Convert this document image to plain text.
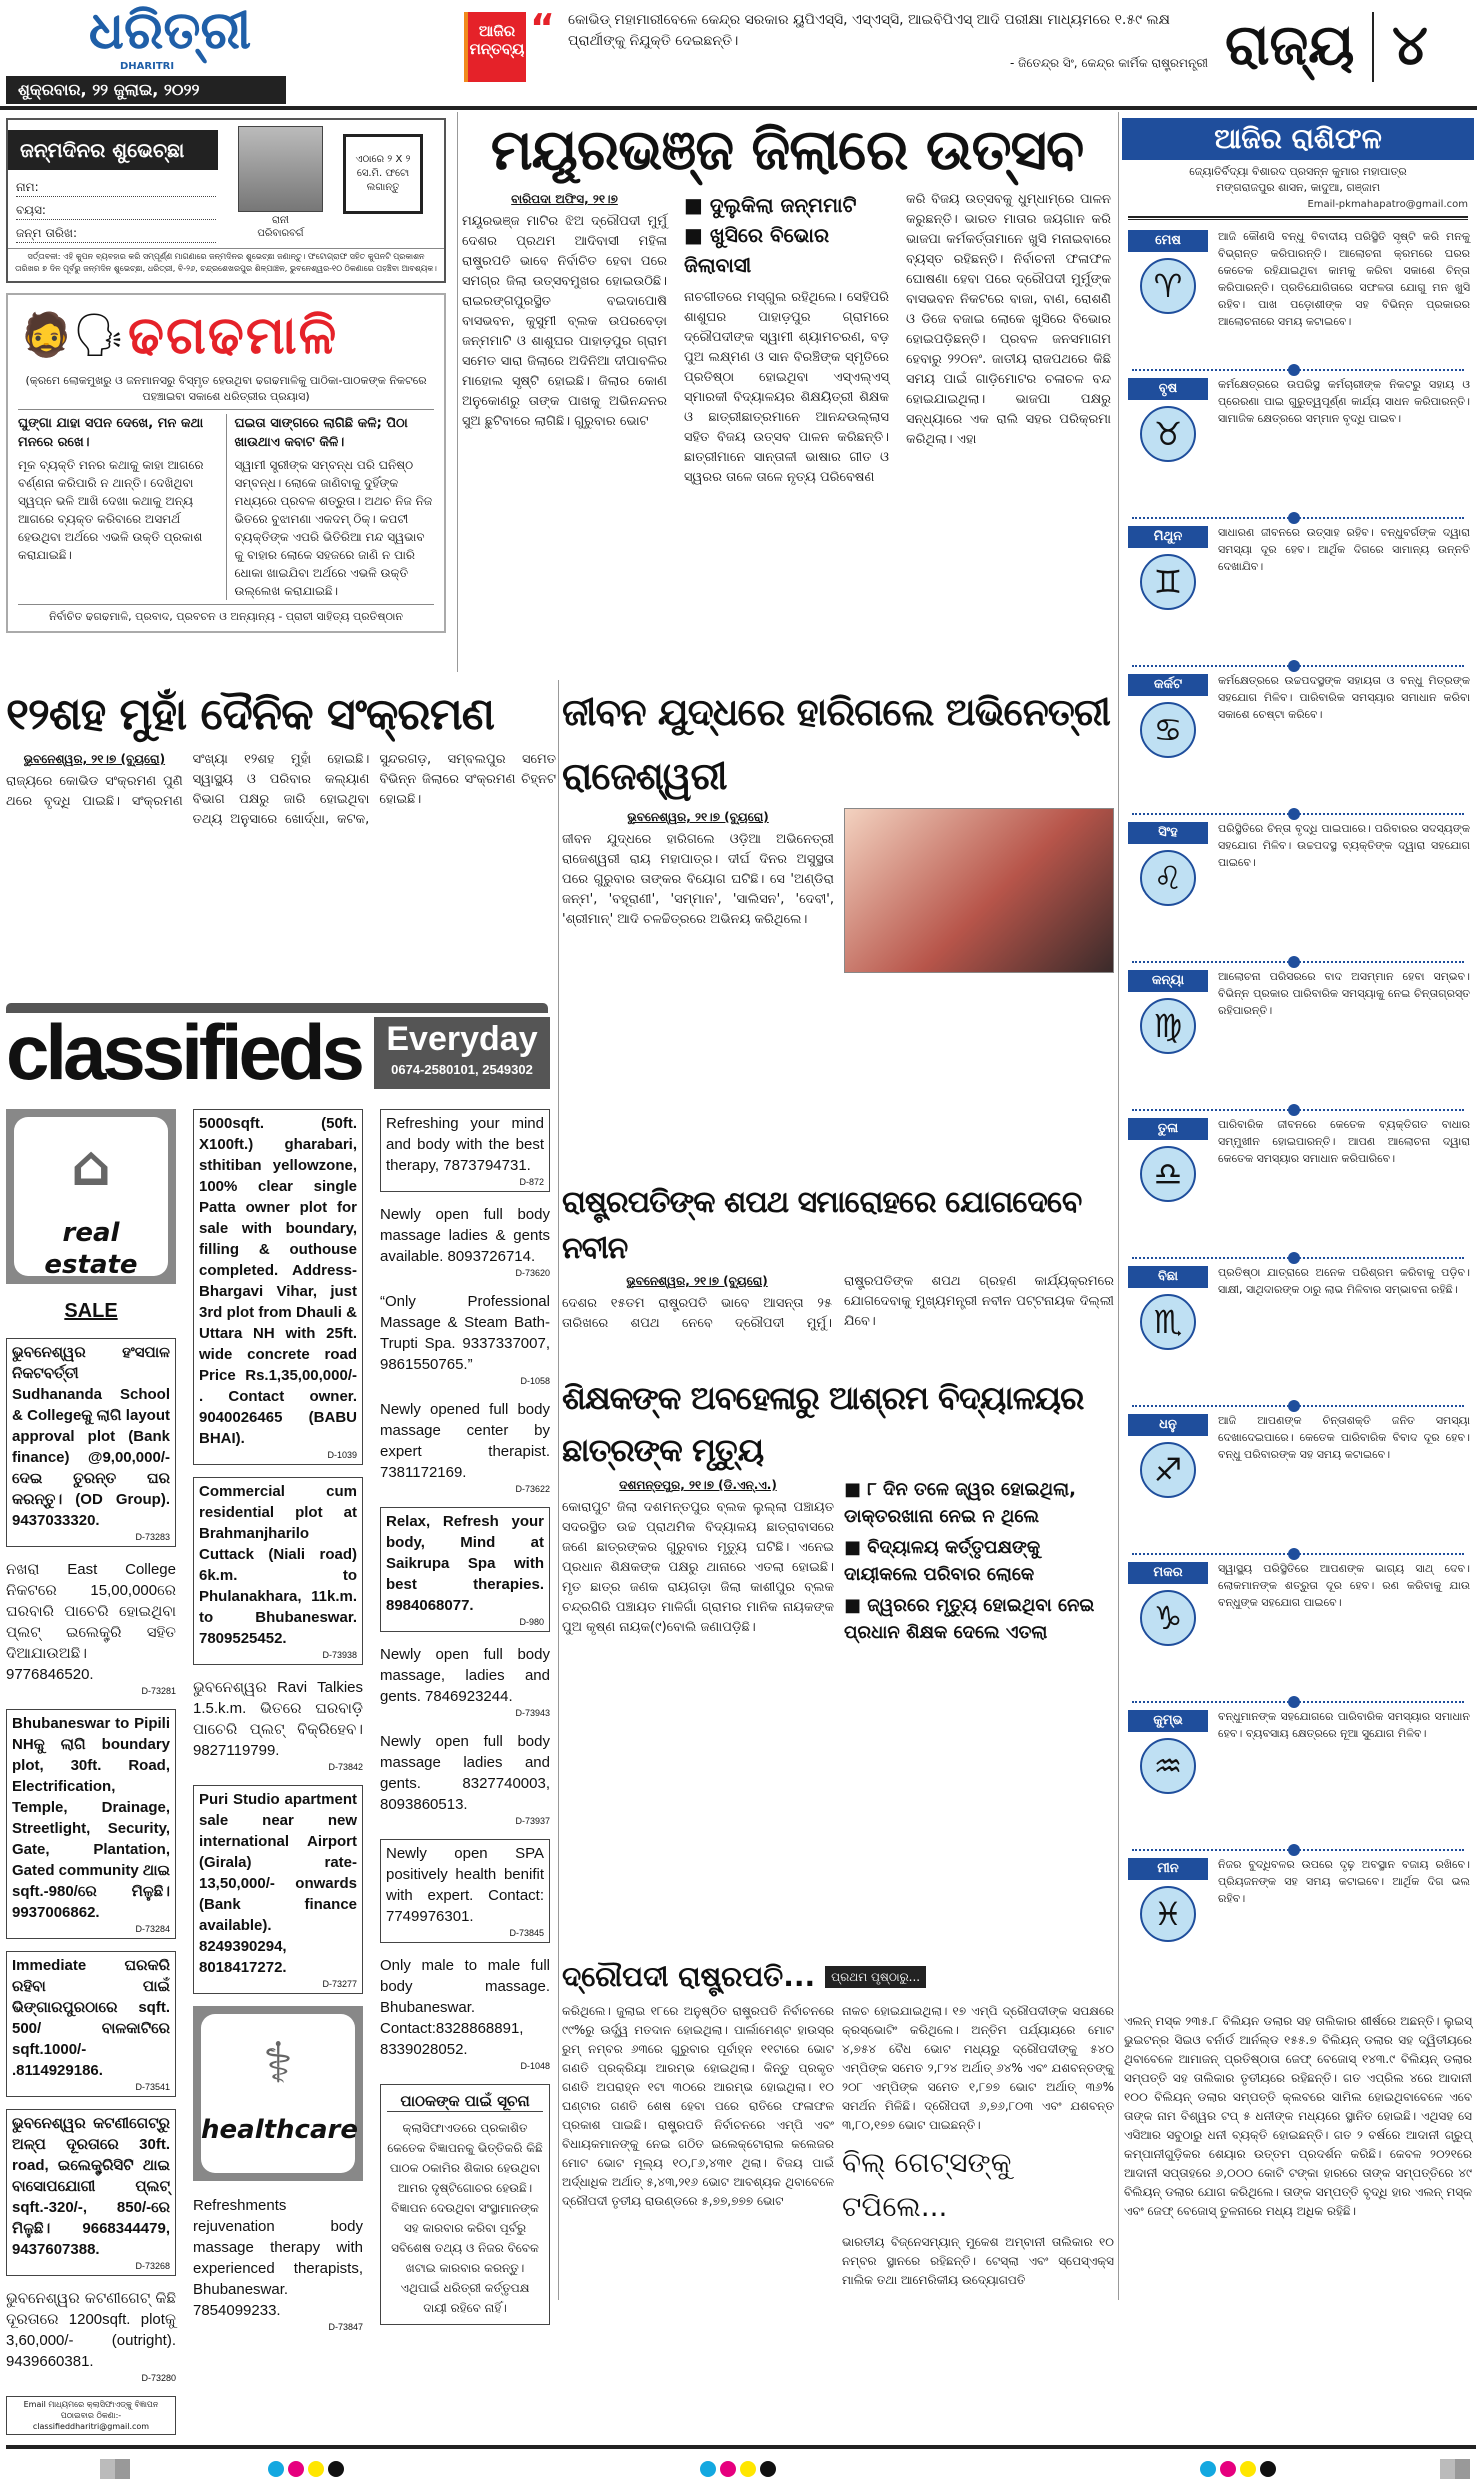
ଧରିତ୍ରୀ
DHARITRI
ଶୁକ୍ରବାର, ୨୨ ଜୁଲାଇ, ୨୦୨୨
ଆଜିର ମନ୍ତବ୍ୟ “ କୋଭିଡ୍ ମହାମାରୀବେଳେ କେନ୍ଦ୍ର ସରକାର ୟୁପିଏସ୍‌ସି, ଏସ୍‌ଏସ୍‌ସି, ଆଇବିପିଏସ୍ ଆଦି ପରୀକ୍ଷା ମାଧ୍ୟମରେ ୧.୫୯ ଲକ୍ଷ ପ୍ରାର୍ଥୀଙ୍କୁ ନିଯୁକ୍ତି ଦେଇଛନ୍ତି।
- ଜିତେନ୍ଦ୍ର ସିଂ, କେନ୍ଦ୍ର କାର୍ମିକ ରାଷ୍ଟ୍ରମନ୍ତ୍ରୀ ରାଜ୍ୟ ୪
ଜନ୍ମଦିନର ଶୁଭେଚ୍ଛା
ନାମ:
ବୟସ:
ଜନ୍ମ ତାରିଖ:
ରାନୀ
ପରିବାରବର୍ଗ
ଏଠାରେ ୨ X ୨ ସେ.ମି. ଫଟୋ ଲଗାନ୍ତୁ
ସର୍ତ୍ତାବଳୀ: ଏହି କୁପନ ବ୍ୟବହାର କରି ସମ୍ପୂର୍ଣ୍ଣ ମାଗଣାରେ ଜନ୍ମଦିନର ଶୁଭେଚ୍ଛା ଜଣାନ୍ତୁ। ଫଟୋଗ୍ରାଫ ସହିତ କୁପନଟି ପ୍ରକାଶନ ତାରିଖର ୭ ଦିନ ପୂର୍ବରୁ ଜନ୍ମଦିନ ଶୁଭେଚ୍ଛା, ଧରିତ୍ରୀ, ବି-୨୬, ଚନ୍ଦ୍ରଶେଖରପୁର ଶିଳ୍ପାଞ୍ଚଳ, ଭୁବନେଶ୍ୱର-୧୦ ଠିକଣାରେ ପହଞ୍ଚିବା ଆବଶ୍ୟକ।
🧔🗣 ଢଗଢମାଳି
(କ୍ରମେ ଲୋକମୁଖରୁ ଓ ଜନମାନସରୁ ବିସ୍ମୃତ ହେଉଥିବା ଢଗଢମାଳିକୁ ପାଠିକା-ପାଠକଙ୍କ ନିକଟରେ ପହଞ୍ଚାଇବା ସକାଶେ ଧରିତ୍ରୀର ପ୍ରୟାସ)
ଘୁଙ୍ଗା ଯାହା ସପନ ଦେଖେ, ମନ କଥା ମନରେ ରଖେ।
ମୂକ ବ୍ୟକ୍ତି ମନର କଥାକୁ କାହା ଆଗରେ ବର୍ଣ୍ଣନା କରିପାରି ନ ଥାନ୍ତି। ଦେଖିଥିବା ସ୍ୱପ୍ନ ଭଳି ଆଖି ଦେଖା କଥାକୁ ଅନ୍ୟ ଆଗରେ ବ୍ୟକ୍ତ କରିବାରେ ଅସମର୍ଥ ହେଉଥିବା ଅର୍ଥରେ ଏଭଳି ଉକ୍ତି ପ୍ରକାଶ କରାଯାଇଛି।
ଘଇତା ସାଙ୍ଗରେ ଲାଗିଛି କଳି; ପିଠା ଖାଉଥାଏ କବାଟ କିଳି।
ସ୍ୱାମୀ ସ୍ତ୍ରୀଙ୍କ ସମ୍ବନ୍ଧ ପରି ଘନିଷ୍ଠ ସମ୍ବନ୍ଧ। ଲୋକେ ଜାଣିବାକୁ ଦୁହିଁଙ୍କ ମଧ୍ୟରେ ପ୍ରବଳ ଶତ୍ରୁତା। ଅଥଚ ନିଜ ନିଜ ଭିତରେ ବୁଝାମଣା ଏକଦମ୍ ଠିକ୍। କପଟୀ ବ୍ୟକ୍ତିଙ୍କ ଏପରି ଭିତିରିଆ ମନ୍ଦ ସ୍ୱଭାବ କୁ ବାହାର ଲୋକେ ସହଜରେ ଜାଣି ନ ପାରି ଧୋକା ଖାଇଯିବା ଅର୍ଥରେ ଏଭଳି ଉକ୍ତି ଉଲ୍ଲେଖ କରାଯାଇଛି।
ନିର୍ବାଚିତ ଢଗଢମାଳି, ପ୍ରବାଦ, ପ୍ରବଚନ ଓ ଅନ୍ୟାନ୍ୟ - ପ୍ରାଚୀ ସାହିତ୍ୟ ପ୍ରତିଷ୍ଠାନ
୧୨ଶହ ମୁହାଁ ଦୈନିକ ସଂକ୍ରମଣ
ଭୁବନେଶ୍ୱର, ୨୧।୭ (ବ୍ୟୁରୋ)
ରାଜ୍ୟରେ କୋଭିଡ ସଂକ୍ରମଣ ପୁଣି ଥରେ ବୃଦ୍ଧି ପାଇଛି। ସଂକ୍ରମଣ ସଂଖ୍ୟା ୧୨ଶହ ମୁହାଁ ହୋଇଛି। ସ୍ୱାସ୍ଥ୍ୟ ଓ ପରିବାର କଲ୍ୟାଣ ବିଭାଗ ପକ୍ଷରୁ ଜାରି ହୋଇଥିବା ତଥ୍ୟ ଅନୁସାରେ ଖୋର୍ଦ୍ଧା, କଟକ, ସୁନ୍ଦରଗଡ଼, ସମ୍ବଲପୁର ସମେତ ବିଭିନ୍ନ ଜିଲାରେ ସଂକ୍ରମଣ ଚିହ୍ନଟ ହୋଇଛି।
classifieds Everyday
0674-2580101, 2549302
⌂
real estate
SALE
ଭୁବନେଶ୍ୱର ହଂସପାଳ ନିକଟବର୍ତ୍ତୀ Sudhananda School & Collegeକୁ ଲାଗି layout approval plot (Bank finance) @9,00,000/- ଦେଇ ତୁରନ୍ତ ଘର କରନ୍ତୁ। (OD Group). 9437033320.
D-73283
ନଖରା East College ନିକଟରେ 15,00,000ରେ ଘରବାରି ପାଚେରି ହୋଇଥିବା ପ୍ଲଟ୍ ଇଲେକ୍ଟ୍ରି ସହିତ ଦିଆଯାଉଅଛି। 9776846520.
D-73281
Bhubaneswar to Pipili NHକୁ ଲାଗି boundary plot, 30ft. Road, Electrification, Temple, Drainage, Streetlight, Security, Gate, Plantation, Gated community ଥାଇ sqft.-980/ରେ ମିଳୁଛି। 9937006862.
D-73284
Immediate ଘରକରି ରହିବା ପାଇଁ ଭିଙ୍ଗାରପୁରଠାରେ sqft. 500/ ବାଳକାଟିରେ sqft.1000/- .8114929186.
D-73541
ଭୁବନେଶ୍ୱର କଟଣୀଗେଟ୍‌ରୁ ଅଳ୍ପ ଦୂରତାରେ 30ft. road, ଇଲେକ୍ଟ୍ରିସିଟି ଥାଇ ବାସୋପଯୋଗୀ ପ୍ଲଟ୍ sqft.-320/-, 850/-ରେ ମିଳୁଛି। 9668344479, 9437607388.
D-73268
ଭୁବନେଶ୍ୱର କଟଣୀଗେଟ୍ କିଛି ଦୂରତାରେ 1200sqft. plotକୁ 3,60,000/- (outright). 9439660381.
D-73280
Email ମାଧ୍ୟମରେ କ୍ଲାସିଫାଏଡ୍‌କୁ ବିଜ୍ଞାପନ ପଠାଇବାର ଠିକଣା:- classifieddharitri@gmail.com
5000sqft. (50ft. X100ft.) gharabari, sthitiban yellowzone, 100% clear single Patta owner plot for sale with boundary, filling & outhouse completed. Address- Bhargavi Vihar, just 3rd plot from Dhauli & Uttara NH with 25ft. wide concrete road Price Rs.1,35,00,000/- . Contact owner. 9040026465 (BABU BHAI).
D-1039
Commercial cum residential plot at Brahmanjharilo Cuttack (Niali road) 6k.m. to Phulanakhara, 11k.m. to Bhubaneswar. 7809525452.
D-73938
ଭୁବନେଶ୍ୱର Ravi Talkies 1.5.k.m. ଭିତରେ ଘରବାଡ଼ି ପାଚେରି ପ୍ଲଟ୍ ବିକ୍ରିହେବ। 9827119799.
D-73842
Puri Studio apartment sale near new international Airport (Girala) rate-13,50,000/- onwards (Bank finance available). 8249390294, 8018417272.
D-73277
⚕
healthcare
Refreshments rejuvenation body massage therapy with experienced therapists, Bhubaneswar. 7854099233.
D-73847
Refreshing your mind and body with the best therapy, 7873794731.
D-872
Newly open full body massage ladies & gents available. 8093726714.
D-73620
“Only Professional Massage & Steam Bath- Trupti Spa. 9337337007, 9861550765.”
D-1058
Newly opened full body massage center by expert therapist. 7381172169.
D-73622
Relax, Refresh your body, Mind at Saikrupa Spa with best therapies. 8984068077.
D-980
Newly open full body massage, ladies and gents. 7846923244.
D-73943
Newly open full body massage ladies and gents. 8327740003, 8093860513.
D-73937
Newly open SPA positively health benifit with expert. Contact: 7749976301.
D-73845
Only male to male full body massage. Bhubaneswar. Contact:8328868891, 8339028052.
D-1048
ପାଠକଙ୍କ ପାଇଁ ସୂଚନା
କ୍ଲାସିଫାଏଡରେ ପ୍ରକାଶିତ କେତେକ ବିଜ୍ଞାପନକୁ ଭିତ୍ତିକରି କିଛି ପାଠକ ଠକାମିର ଶିକାର ହେଉଥିବା ଆମର ଦୃଷ୍ଟିଗୋଚର ହେଉଛି। ବିଜ୍ଞାପନ ଦେଉଥିବା ସଂସ୍ଥାମାନଙ୍କ ସହ କାରବାର କରିବା ପୂର୍ବରୁ ସବିଶେଷ ତଥ୍ୟ ଓ ନିଜର ବିବେକ ଖଟାଇ କାରବାର କରନ୍ତୁ। ଏଥିପାଇଁ ଧରିତ୍ରୀ କର୍ତ୍ତୃପକ୍ଷ ଦାୟୀ ରହିବେ ନାହିଁ।
ମୟୂରଭଞ୍ଜ ଜିଲାରେ ଉତ୍ସବ
ବାରିପଦା ଅଫିସ, ୨୧।୭
ମୟୂରଭଞ୍ଜ ମାଟିର ଝିଅ ଦ୍ରୌପଦୀ ମୁର୍ମୁ ଦେଶର ପ୍ରଥମ ଆଦିବାସୀ ମହିଳା ରାଷ୍ଟ୍ରପତି ଭାବେ ନିର୍ବାଚିତ ହେବା ପରେ ସମଗ୍ର ଜିଲା ଉତ୍ସବମୁଖର ହୋଇଉଠିଛି। ରାଇରଙ୍ଗପୁରସ୍ଥିତ ବଇଦାପୋଷି ବାସଭବନ, କୁସୁମୀ ବ୍ଲକ ଉପରବେଡ଼ା ଜନ୍ମମାଟି ଓ ଶାଶୁଘର ପାହାଡ଼ପୁର ଗ୍ରାମ ସମେତ ସାରା ଜିଲାରେ ଅଦିନିଆ ଦୀପାବଳିର ମାହୋଲ ସୃଷ୍ଟି ହୋଇଛି। ଜିଲାର କୋଣ ଅନୁକୋଣରୁ ତାଙ୍କ ପାଖକୁ ଅଭିନନ୍ଦନର ସୁଅ ଛୁଟିବାରେ ଲାଗିଛି। ଗୁରୁବାର ଭୋଟ
■ ଦୁଲୁକିଲା ଜନ୍ମମାଟି
■ ଖୁସିରେ ବିଭୋର ଜିଲାବାସୀ
ନାଚଗୀତରେ ମସ୍‌ଗୁଲ ରହିଥିଲେ। ସେହିପରି ଶାଶୁଘର ପାହାଡ଼ପୁର ଗ୍ରାମରେ ଦ୍ରୌପଦୀଙ୍କ ସ୍ୱାମୀ ଶ୍ୟାମଚରଣ, ବଡ଼ ପୁଅ ଲକ୍ଷ୍ମଣ ଓ ସାନ ବିରଞ୍ଚିଙ୍କ ସ୍ମୃତିରେ ପ୍ରତିଷ୍ଠା ହୋଇଥିବା ଏସ୍‌ଏଲ୍‌ଏସ୍ ସ୍ମାରକୀ ବିଦ୍ୟାଳୟର ଶିକ୍ଷୟିତ୍ରୀ ଶିକ୍ଷକ ଓ ଛାତ୍ରୀଛାତ୍ରମାନେ ଆନନ୍ଦଉଲ୍ଲାସ ସହିତ ବିଜୟ ଉତ୍ସବ ପାଳନ କରିଛନ୍ତି। ଛାତ୍ରୀମାନେ ସାନ୍ତାଳୀ ଭାଷାର ଗୀତ ଓ ସ୍ୱରର ତାଳେ ତାଳେ ନୃତ୍ୟ ପରିବେଷଣ
କରି ବିଜୟ ଉତ୍ସବକୁ ଧୁମ୍‌ଧାମ୍‌ରେ ପାଳନ କରୁଛନ୍ତି। ଭାରତ ମାତାର ଜୟଗାନ କରି ଭାଜପା କର୍ମକର୍ତ୍ତାମାନେ ଖୁସି ମନାଇବାରେ ବ୍ୟସ୍ତ ରହିଛନ୍ତି। ନିର୍ବାଚନୀ ଫଳାଫଳ ଘୋଷଣା ହେବା ପରେ ଦ୍ରୌପଦୀ ମୁର୍ମୁଙ୍କ ବାସଭବନ ନିକଟରେ ବାଜା, ବାଣ, ରୋଶଣି ଓ ଡିଜେ ବଜାଇ ଲୋକେ ଖୁସିରେ ବିଭୋର ହୋଇପଡ଼ିଛନ୍ତି। ପ୍ରବଳ ଜନସମାଗମ ହେବାରୁ ୨୨୦ନଂ. ଜାତୀୟ ରାଜପଥରେ କିଛି ସମୟ ପାଇଁ ଗାଡ଼ିମୋଟର ଚଳାଚଳ ବନ୍ଦ ହୋଇଯାଇଥିଲା। ଭାଜପା ପକ୍ଷରୁ ସନ୍ଧ୍ୟାରେ ଏକ ରାଲି ସହର ପରିକ୍ରମା କରିଥିଲା। ଏହା
ଆଜିର ରାଶିଫଳ
ଜ୍ୟୋତିର୍ବିଦ୍ୟା ବିଶାରଦ ପ୍ରସନ୍ନ କୁମାର ମହାପାତ୍ର
ମଙ୍ଗରାଜପୁର ଶାସନ, କାଦୁଆ, ଗଞ୍ଜାମ
Email-pkmahapatro@gmail.com
ମେଷ
♈
ଆଜି କୌଣସି ବନ୍ଧୁ ବିବାଦୀୟ ପରିସ୍ଥିତି ସୃଷ୍ଟି କରି ମନକୁ ବିଭ୍ରାନ୍ତ କରିପାରନ୍ତି। ଆଲୋଚନା କ୍ରମରେ ଘରର କେତେକ ରହିଯାଇଥିବା କାମକୁ କରିବା ସକାଶେ ଚିନ୍ତା କରିପାରନ୍ତି। ପ୍ରତିଯୋଗିତାରେ ସଫଳତା ଯୋଗୁ ମନ ଖୁସି ରହିବ। ପାଖ ପଡ଼ୋଶୀଙ୍କ ସହ ବିଭିନ୍ନ ପ୍ରକାରର ଆଲୋଚନାରେ ସମୟ କଟାଇବେ।
ବୃଷ
♉
କର୍ମକ୍ଷେତ୍ରରେ ଉପରିସ୍ଥ କର୍ମଚାରୀଙ୍କ ନିକଟରୁ ସହାୟ ଓ ପ୍ରେରଣା ପାଇ ଗୁରୁତ୍ୱପୂର୍ଣ୍ଣ କାର୍ଯ୍ୟ ସାଧନ କରିପାରନ୍ତି। ସାମାଜିକ କ୍ଷେତ୍ରରେ ସମ୍ମାନ ବୃଦ୍ଧି ପାଇବ।
ମିଥୁନ
♊
ସାଧାରଣ ଜୀବନରେ ଉତ୍ସାହ ରହିବ। ବନ୍ଧୁବର୍ଗଙ୍କ ଦ୍ୱାରା ସମସ୍ୟା ଦୂର ହେବ। ଆର୍ଥିକ ଦିଗରେ ସାମାନ୍ୟ ଉନ୍ନତି ଦେଖାଯିବ।
କର୍କଟ
♋
କର୍ମକ୍ଷେତ୍ରରେ ଉଚ୍ଚପଦସ୍ଥଙ୍କ ସହାୟତା ଓ ବନ୍ଧୁ ମିତ୍ରଙ୍କ ସହଯୋଗ ମିଳିବ। ପାରିବାରିକ ସମସ୍ୟାର ସମାଧାନ କରିବା ସକାଶେ ଚେଷ୍ଟା କରିବେ।
ସିଂହ
♌
ପରିସ୍ଥିତିରେ ଚିନ୍ତା ବୃଦ୍ଧି ପାଇପାରେ। ପରିବାରର ସଦସ୍ୟଙ୍କ ସହଯୋଗ ମିଳିବ। ଉଚ୍ଚପଦସ୍ଥ ବ୍ୟକ୍ତିଙ୍କ ଦ୍ୱାରା ସହଯୋଗ ପାଇବେ।
କନ୍ୟା
♍
ଆଲୋଚନା ପରିସରରେ ବାଦ ଅସମ୍ମାନ ହେବା ସମ୍ଭବ। ବିଭିନ୍ନ ପ୍ରକାର ପାରିବାରିକ ସମସ୍ୟାକୁ ନେଇ ଚିନ୍ତାଗ୍ରସ୍ତ ରହିପାରନ୍ତି।
ତୁଳା
♎
ପାରିବାରିକ ଜୀବନରେ କେତେକ ବ୍ୟକ୍ତିଗତ ବାଧାର ସମ୍ମୁଖୀନ ହୋଇପାରନ୍ତି। ଆପଣ ଆଲୋଚନା ଦ୍ୱାରା କେତେକ ସମସ୍ୟାର ସମାଧାନ କରିପାରିବେ।
ବିଛା
♏
ପ୍ରତିଷ୍ଠା ଯାତ୍ରାରେ ଅନେକ ପରିଶ୍ରମ କରିବାକୁ ପଡ଼ିବ। ସାକ୍ଷୀ, ସାଥିଦାରଙ୍କ ଠାରୁ ଲାଭ ମିଳିବାର ସମ୍ଭାବନା ରହିଛି।
ଧନୁ
♐
ଆଜି ଆପଣଙ୍କ ଚିନ୍ତାଶକ୍ତି ଜନିତ ସମସ୍ୟା ଦେଖାଦେଇପାରେ। କେତେକ ପାରିବାରିକ ବିବାଦ ଦୂର ହେବ। ବନ୍ଧୁ ପରିବାରଙ୍କ ସହ ସମୟ କଟାଇବେ।
ମକର
♑
ସ୍ୱାସ୍ଥ୍ୟ ପରିସ୍ଥିତିରେ ଆପଣଙ୍କ ଭାଗ୍ୟ ସାଥ୍ ଦେବ। ଲୋକମାନଙ୍କ ଶତ୍ରୁତା ଦୂର ହେବ। ରଣ କରିବାକୁ ଯାଉ ବନ୍ଧୁଙ୍କ ସହଯୋଗ ପାଇବେ।
କୁମ୍ଭ
♒
ବନ୍ଧୁମାନଙ୍କ ସହଯୋଗରେ ପାରିବାରିକ ସମସ୍ୟାର ସମାଧାନ ହେବ। ବ୍ୟବସାୟ କ୍ଷେତ୍ରରେ ନୂଆ ସୁଯୋଗ ମିଳିବ।
ମୀନ
♓
ନିଜର ବୁଦ୍ଧିବଳର ଉପରେ ଦୃଢ଼ ଅବସ୍ଥାନ ବଜାୟ ରଖିବେ। ପ୍ରିୟଜନଙ୍କ ସହ ସମୟ କଟାଇବେ। ଆର୍ଥିକ ଦିଗ ଭଲ ରହିବ।
ଜୀବନ ଯୁଦ୍ଧରେ ହାରିଗଲେ ଅଭିନେତ୍ରୀ ରାଜେଶ୍ୱରୀ
ଭୁବନେଶ୍ୱର, ୨୧।୭ (ବ୍ୟୁରୋ)
ଜୀବନ ଯୁଦ୍ଧରେ ହାରିଗଲେ ଓଡ଼ିଆ ଅଭିନେତ୍ରୀ ରାଜେଶ୍ୱରୀ ରାୟ ମହାପାତ୍ର। ଦୀର୍ଘ ଦିନର ଅସୁସ୍ଥତା ପରେ ଗୁରୁବାର ତାଙ୍କର ବିୟୋଗ ଘଟିଛି। ସେ 'ଅଣ୍ଡିରା ଜନ୍ମ', 'ବହୂରାଣୀ', 'ସମ୍ମାନ', 'ସାଲିସନ', 'ଦେବୀ', 'ଶ୍ରୀମାନ୍' ଆଦି ଚଳଚ୍ଚିତ୍ରରେ ଅଭିନୟ କରିଥିଲେ।
ରାଷ୍ଟ୍ରପତିଙ୍କ ଶପଥ ସମାରୋହରେ ଯୋଗଦେବେ ନବୀନ
ଭୁବନେଶ୍ୱର, ୨୧।୭ (ବ୍ୟୁରୋ)
ଦେଶର ୧୫ତମ ରାଷ୍ଟ୍ରପତି ଭାବେ ଆସନ୍ତା ୨୫ ତାରିଖରେ ଶପଥ ନେବେ ଦ୍ରୌପଦୀ ମୁର୍ମୁ। ରାଷ୍ଟ୍ରପତିଙ୍କ ଶପଥ ଗ୍ରହଣ କାର୍ଯ୍ୟକ୍ରମରେ ଯୋଗଦେବାକୁ ମୁଖ୍ୟମନ୍ତ୍ରୀ ନବୀନ ପଟ୍ଟନାୟକ ଦିଲ୍ଲୀ ଯିବେ।
ଶିକ୍ଷକଙ୍କ ଅବହେଳାରୁ ଆଶ୍ରମ ବିଦ୍ୟାଳୟର ଛାତ୍ରଙ୍କ ମୃତ୍ୟୁ
ଦଶମନ୍ତପୁର, ୨୧।୭ (ଡି.ଏନ୍.ଏ.)
କୋରାପୁଟ ଜିଲା ଦଶମନ୍ତପୁର ବ୍ଲକ ଲୁଲ୍ଲା ପଞ୍ଚାୟତ ସଦରସ୍ଥିତ ଉଚ୍ଚ ପ୍ରାଥମିକ ବିଦ୍ୟାଳୟ ଛାତ୍ରାବାସରେ ଜଣେ ଛାତ୍ରଙ୍କର ଗୁରୁବାର ମୃତ୍ୟୁ ଘଟିଛି। ଏନେଇ ପ୍ରଧାନ ଶିକ୍ଷକଙ୍କ ପକ୍ଷରୁ ଥାନାରେ ଏତଲା ହୋଇଛି। ମୃତ ଛାତ୍ର ଜଣକ ରାୟଗଡ଼ା ଜିଲା କାଶୀପୁର ବ୍ଲକ ଚନ୍ଦ୍ରଗିରି ପଞ୍ଚାୟତ ମାଳିଗାଁ ଗ୍ରାମର ମାନିକ ନାୟକଙ୍କ ପୁଅ କୃଷ୍ଣ ନାୟକ(୯)ବୋଲି ଜଣାପଡ଼ିଛି।
■ ୮ ଦିନ ତଳେ ଜ୍ୱର ହୋଇଥିଲା, ଡାକ୍ତରଖାନା ନେଇ ନ ଥିଲେ
■ ବିଦ୍ୟାଳୟ କର୍ତ୍ତୃପକ୍ଷଙ୍କୁ ଦାୟୀକଲେ ପରିବାର ଲୋକେ
■ ଜ୍ୱରରେ ମୃତ୍ୟୁ ହୋଇଥିବା ନେଇ ପ୍ରଧାନ ଶିକ୍ଷକ ଦେଲେ ଏତଲା
ଦ୍ରୌପଦୀ ରାଷ୍ଟ୍ରପତି...	ପ୍ରଥମ ପୃଷ୍ଠାରୁ...
କରିଥିଲେ। ଜୁଲାଇ ୧୮ରେ ଅନୁଷ୍ଠିତ ରାଷ୍ଟ୍ରପତି ନିର୍ବାଚନରେ ୯୯%ରୁ ଊର୍ଦ୍ଧ୍ୱ ମତଦାନ ହୋଇଥିଲା। ପାର୍ଲାମେଣ୍ଟ ହାଉସ୍‌ର ରୁମ୍ ନମ୍ବର ୬୩ରେ ଗୁରୁବାର ପୂର୍ବାହ୍ନ ୧୧ଟାରେ ଭୋଟ ଗଣତି ପ୍ରକ୍ରିୟା ଆରମ୍ଭ ହୋଇଥିଲା। କିନ୍ତୁ ପ୍ରକୃତ ଗଣତି ଅପରାହ୍ନ ୧ଟା ୩୦ରେ ଆରମ୍ଭ ହୋଇଥିଲା। ୧୦ ଘଣ୍ଟାର ଗଣତି ଶେଷ ହେବା ପରେ ରାତିରେ ଫଳାଫଳ ପ୍ରକାଶ ପାଇଛି। ରାଷ୍ଟ୍ରପତି ନିର୍ବାଚନରେ ଏମ୍‌ପି ଏବଂ ବିଧାୟକମାନଙ୍କୁ ନେଇ ଗଠିତ ଇଲେକ୍ଟୋରାଲ କଲେଜର ମୋଟ ଭୋଟ ମୂଲ୍ୟ ୧୦,୮୬,୪୩୧ ଥିଲା। ବିଜୟ ପାଇଁ ଅର୍ଦ୍ଧାଧିକ ଅର୍ଥାତ୍ ୫,୪୩,୨୧୬ ଭୋଟ ଆବଶ୍ୟକ ଥିବାବେଳେ ଦ୍ରୌପଦୀ ତୃତୀୟ ରାଉଣ୍ଡରେ ୫,୭୭,୭୭୭ ଭୋଟ
ନାକଚ ହୋଇଯାଇଥିଲା। ୧୭ ଏମ୍‌ପି ଦ୍ରୌପଦୀଙ୍କ ସପକ୍ଷରେ କ୍ରସ୍‌ଭୋଟିଂ କରିଥିଲେ। ଅନ୍ତିମ ପର୍ଯ୍ୟାୟରେ ମୋଟ ୪,୭୫୪ ବୈଧ ଭୋଟ ମଧ୍ୟରୁ ଦ୍ରୌପଦୀଙ୍କୁ ୫୪୦ ଏମ୍‌ପିଙ୍କ ସମେତ ୨,୮୨୪ ଅର୍ଥାତ୍ ୬୪% ଏବଂ ଯଶବନ୍ତଙ୍କୁ ୨୦୮ ଏମ୍‌ପିଙ୍କ ସମେତ ୧,୮୭୭ ଭୋଟ ଅର୍ଥାତ୍ ୩୬% ସମର୍ଥନ ମିଳିଛି। ଦ୍ରୌପଦୀ ୬,୭୬,୮୦୩ ଏବଂ ଯଶବନ୍ତ ୩,୮୦,୧୭୭ ଭୋଟ ପାଇଛନ୍ତି।
ବିଲ୍ ଗେଟ୍ସଙ୍କୁ ଟପିଲେ...
ଭାରତୀୟ ବିଜ୍‌ନେସମ୍ୟାନ୍ ମୁକେଶ ଅମ୍ବାନୀ ତାଲିକାର ୧୦ ନମ୍ବର ସ୍ଥାନରେ ରହିଛନ୍ତି। ଟେସ୍‌ଲା ଏବଂ ସ୍ପେସ୍‌ଏକ୍ସ ମାଲିକ ତଥା ଆମେରିକୀୟ ଉଦ୍ୟୋଗପତି
ଏଲନ୍ ମସ୍କ ୨୩୫.୮ ବିଲିୟନ ଡଲାର ସହ ତାଲିକାର ଶୀର୍ଷରେ ଅଛନ୍ତି। ଲୁଇସ୍ ଭୁଇଟନ୍‌ର ସିଇଓ ବର୍ନାର୍ଡ ଆର୍ନଲ୍ଡ ୧୫୫.୭ ବିଲିୟନ୍ ଡଲାର ସହ ଦ୍ୱିତୀୟରେ ଥିବାବେଳେ ଆମାଜନ୍ ପ୍ରତିଷ୍ଠାତା ଜେଫ୍ ବେଜୋସ୍ ୧୪୩.୯ ବିଲିୟନ୍ ଡଲାର ସମ୍ପତ୍ତି ସହ ତାଲିକାର ତୃତୀୟରେ ରହିଛନ୍ତି। ଗତ ଏପ୍ରିଲ ୪ରେ ଆଦାନୀ ୧୦୦ ବିଲିୟନ୍ ଡଲାର ସମ୍ପତ୍ତି କ୍ଲବରେ ସାମିଲ ହୋଇଥିବାବେଳେ ଏବେ ତାଙ୍କ ନାମ ବିଶ୍ୱର ଟପ୍ ୫ ଧନୀଙ୍କ ମଧ୍ୟରେ ସ୍ଥାନିତ ହୋଇଛି। ଏଥିସହ ସେ ଏସିଆର ସବୁଠାରୁ ଧନୀ ବ୍ୟକ୍ତି ହୋଇଛନ୍ତି। ଗତ ୨ ବର୍ଷରେ ଆଦାନୀ ଗ୍ରୁପ୍ କମ୍ପାନୀଗୁଡ଼ିକର ଶେୟାର ଉତ୍ତମ ପ୍ରଦର୍ଶନ କରିଛି। କେବଳ ୨୦୨୧ରେ ଆଦାନୀ ସପ୍ତାହରେ ୬,୦୦୦ କୋଟି ଟଙ୍କା ହାରରେ ତାଙ୍କ ସମ୍ପତ୍ତିରେ ୪୯ ବିଲିୟନ୍ ଡଲାର ଯୋଗ କରିଥିଲେ। ତାଙ୍କ ସମ୍ପତ୍ତି ବୃଦ୍ଧି ହାର ଏଲନ୍ ମସ୍କ ଏବଂ ଜେଫ୍ ବେଜୋସ୍ ତୁଳନାରେ ମଧ୍ୟ ଅଧିକ ରହିଛି।
